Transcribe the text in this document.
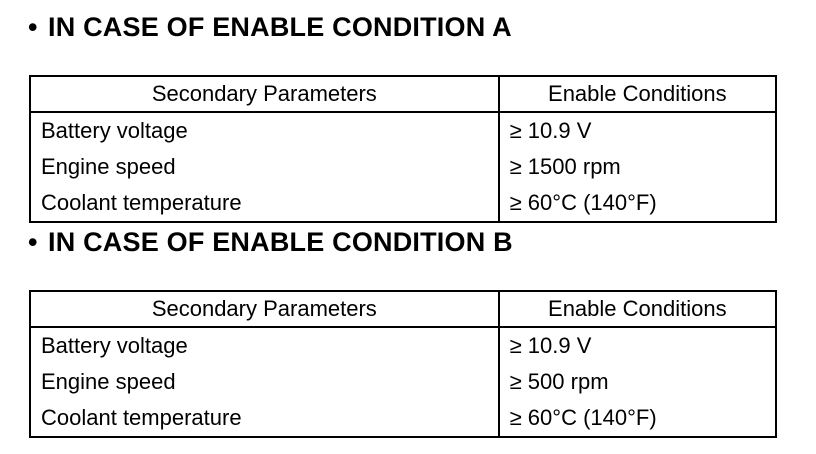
• IN CASE OF ENABLE CONDITION A
Secondary Parameters	Enable Conditions
Battery voltage	≥ 10.9 V
Engine speed	≥ 1500 rpm
Coolant temperature	≥ 60°C (140°F)
• IN CASE OF ENABLE CONDITION B
Secondary Parameters	Enable Conditions
Battery voltage	≥ 10.9 V
Engine speed	≥ 500 rpm
Coolant temperature	≥ 60°C (140°F)
